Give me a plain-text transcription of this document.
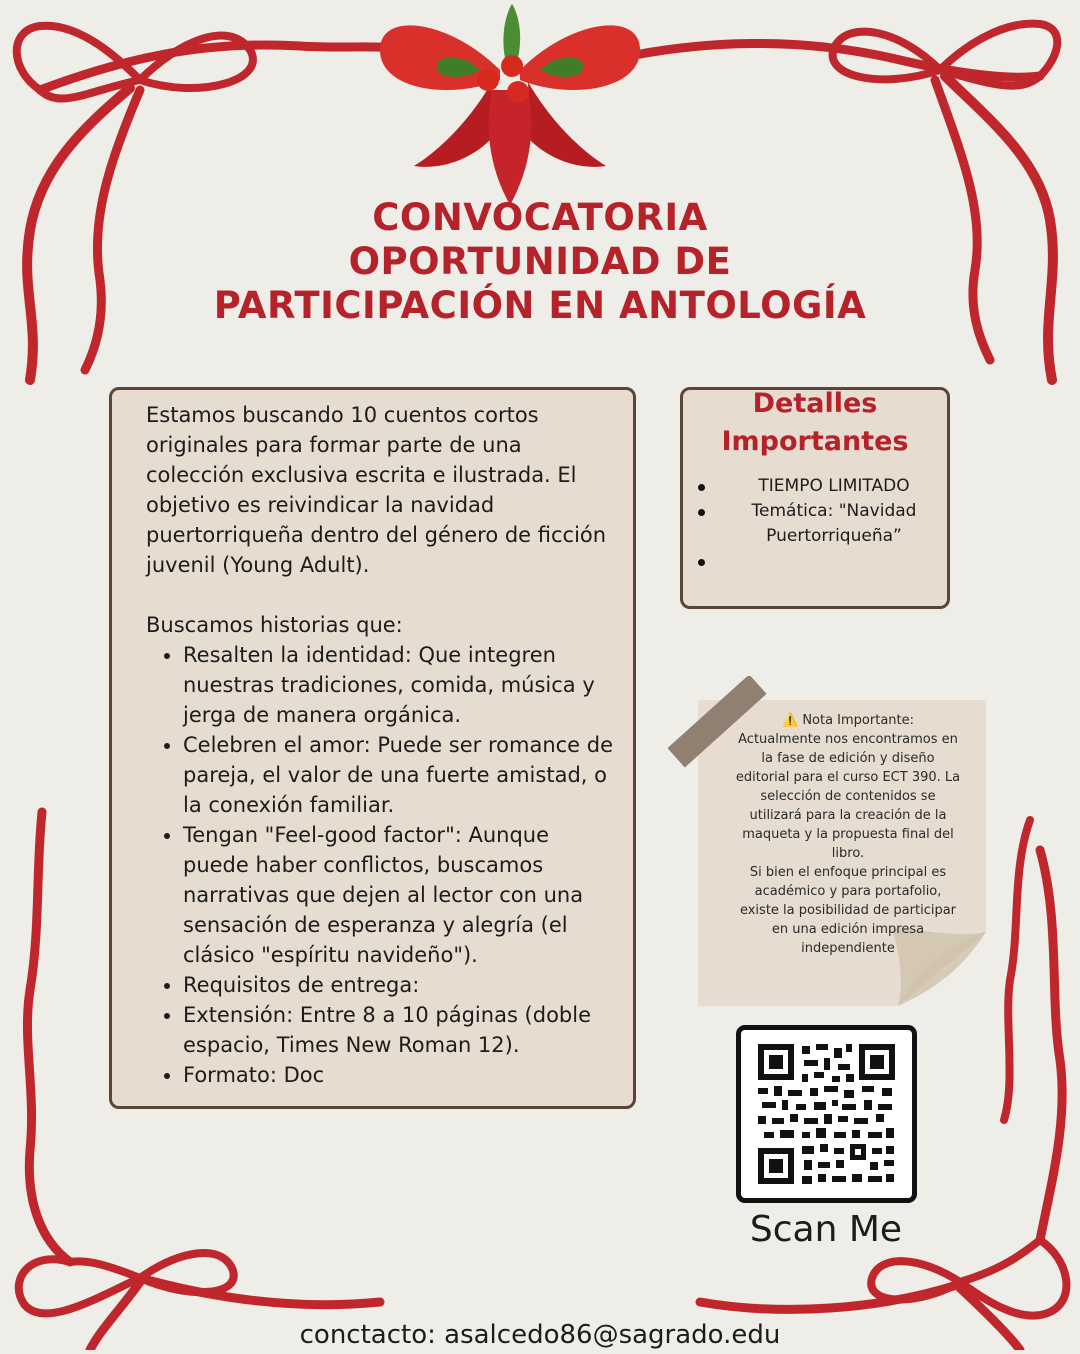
CONVOCATORIA
OPORTUNIDAD DE
PARTICIPACIÓN EN ANTOLOGÍA

Estamos buscando 10 cuentos cortos originales para formar parte de una colección exclusiva escrita e ilustrada. El objetivo es reivindicar la navidad puertorriqueña dentro del género de ficción juvenil (Young Adult).

Buscamos historias que:

• Resalten la identidad: Que integren nuestras tradiciones, comida, música y jerga de manera orgánica.
• Celebren el amor: Puede ser romance de pareja, el valor de una fuerte amistad, o la conexión familiar.
• Tengan "Feel-good factor": Aunque puede haber conflictos, buscamos narrativas que dejen al lector con una sensación de esperanza y alegría (el clásico "espíritu navideño").
• Requisitos de entrega:
• Extensión: Entre 8 a 10 páginas (doble espacio, Times New Roman 12).
• Formato: Doc
Detalles Importantes
TIEMPO LIMITADO
Temática: "Navidad Puertorriqueña”
⚠️ Nota Importante:
Actualmente nos encontramos en la fase de edición y diseño editorial para el curso ECT 390. La selección de contenidos se utilizará para la creación de la maqueta y la propuesta final del libro.
Si bien el enfoque principal es académico y para portafolio, existe la posibilidad de participar en una edición impresa independiente
Scan Me
conctacto: asalcedo86@sagrado.edu
